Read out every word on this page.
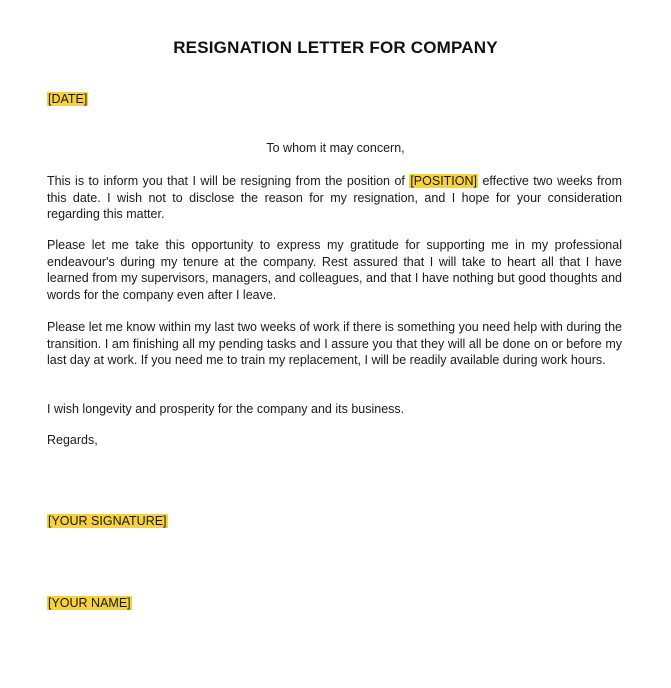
RESIGNATION LETTER FOR COMPANY
[DATE]
To whom it may concern,
This is to inform you that I will be resigning from the position of [POSITION] effective two weeks from this date. I wish not to disclose the reason for my resignation, and I hope for your consideration regarding this matter.
Please let me take this opportunity to express my gratitude for supporting me in my professional endeavour's during my tenure at the company. Rest assured that I will take to heart all that I have learned from my supervisors, managers, and colleagues, and that I have nothing but good thoughts and words for the company even after I leave.
Please let me know within my last two weeks of work if there is something you need help with during the transition. I am finishing all my pending tasks and I assure you that they will all be done on or before my last day at work. If you need me to train my replacement, I will be readily available during work hours.
I wish longevity and prosperity for the company and its business.
Regards,
[YOUR SIGNATURE]
[YOUR NAME]
